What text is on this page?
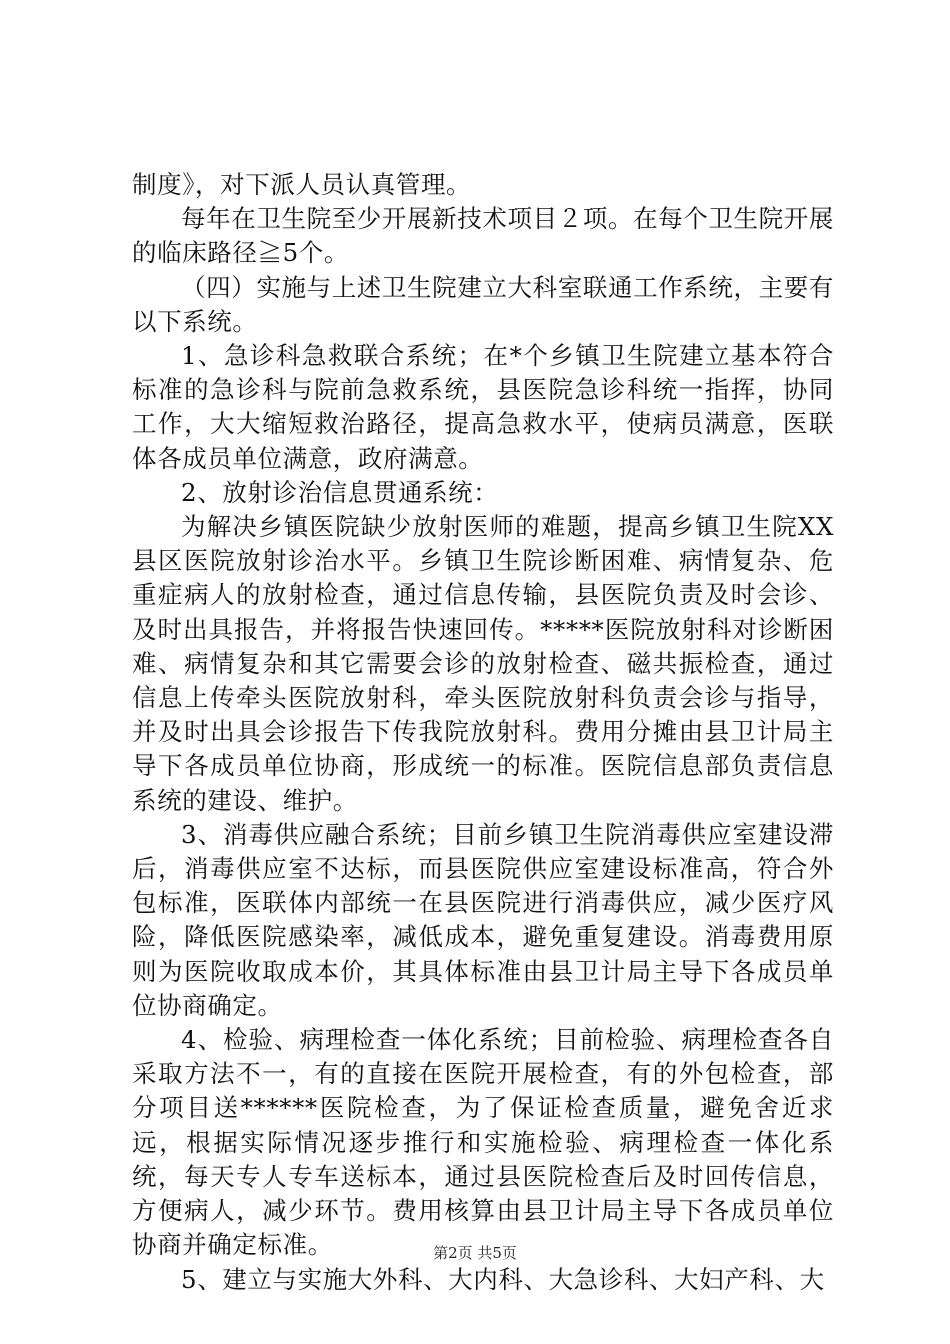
制度》，对下派人员认真管理。

每年在卫生院至少开展新技术项目２项。在每个卫生院开展的临床路径≧5个。

（四）实施与上述卫生院建立大科室联通工作系统，主要有以下系统。

1、急诊科急救联合系统；在*个乡镇卫生院建立基本符合标准的急诊科与院前急救系统，县医院急诊科统一指挥，协同工作，大大缩短救治路径，提高急救水平，使病员满意，医联体各成员单位满意，政府满意。

2、放射诊治信息贯通系统：

为解决乡镇医院缺少放射医师的难题，提高乡镇卫生院XX县区医院放射诊治水平。乡镇卫生院诊断困难、病情复杂、危重症病人的放射检查，通过信息传输，县医院负责及时会诊、及时出具报告，并将报告快速回传。*****医院放射科对诊断困难、病情复杂和其它需要会诊的放射检查、磁共振检查，通过信息上传牵头医院放射科，牵头医院放射科负责会诊与指导，并及时出具会诊报告下传我院放射科。费用分摊由县卫计局主导下各成员单位协商，形成统一的标准。医院信息部负责信息系统的建设、维护。

3、消毒供应融合系统；目前乡镇卫生院消毒供应室建设滞后，消毒供应室不达标，而县医院供应室建设标准高，符合外包标准，医联体内部统一在县医院进行消毒供应，减少医疗风险，降低医院感染率，减低成本，避免重复建设。消毒费用原则为医院收取成本价，其具体标准由县卫计局主导下各成员单位协商确定。

4、检验、病理检查一体化系统；目前检验、病理检查各自采取方法不一，有的直接在医院开展检查，有的外包检查，部分项目送******医院检查，为了保证检查质量，避免舍近求远，根据实际情况逐步推行和实施检验、病理检查一体化系统，每天专人专车送标本，通过县医院检查后及时回传信息，方便病人，减少环节。费用核算由县卫计局主导下各成员单位协商并确定标准。

5、建立与实施大外科、大内科、大急诊科、大妇产科、大

第2页 共5页
